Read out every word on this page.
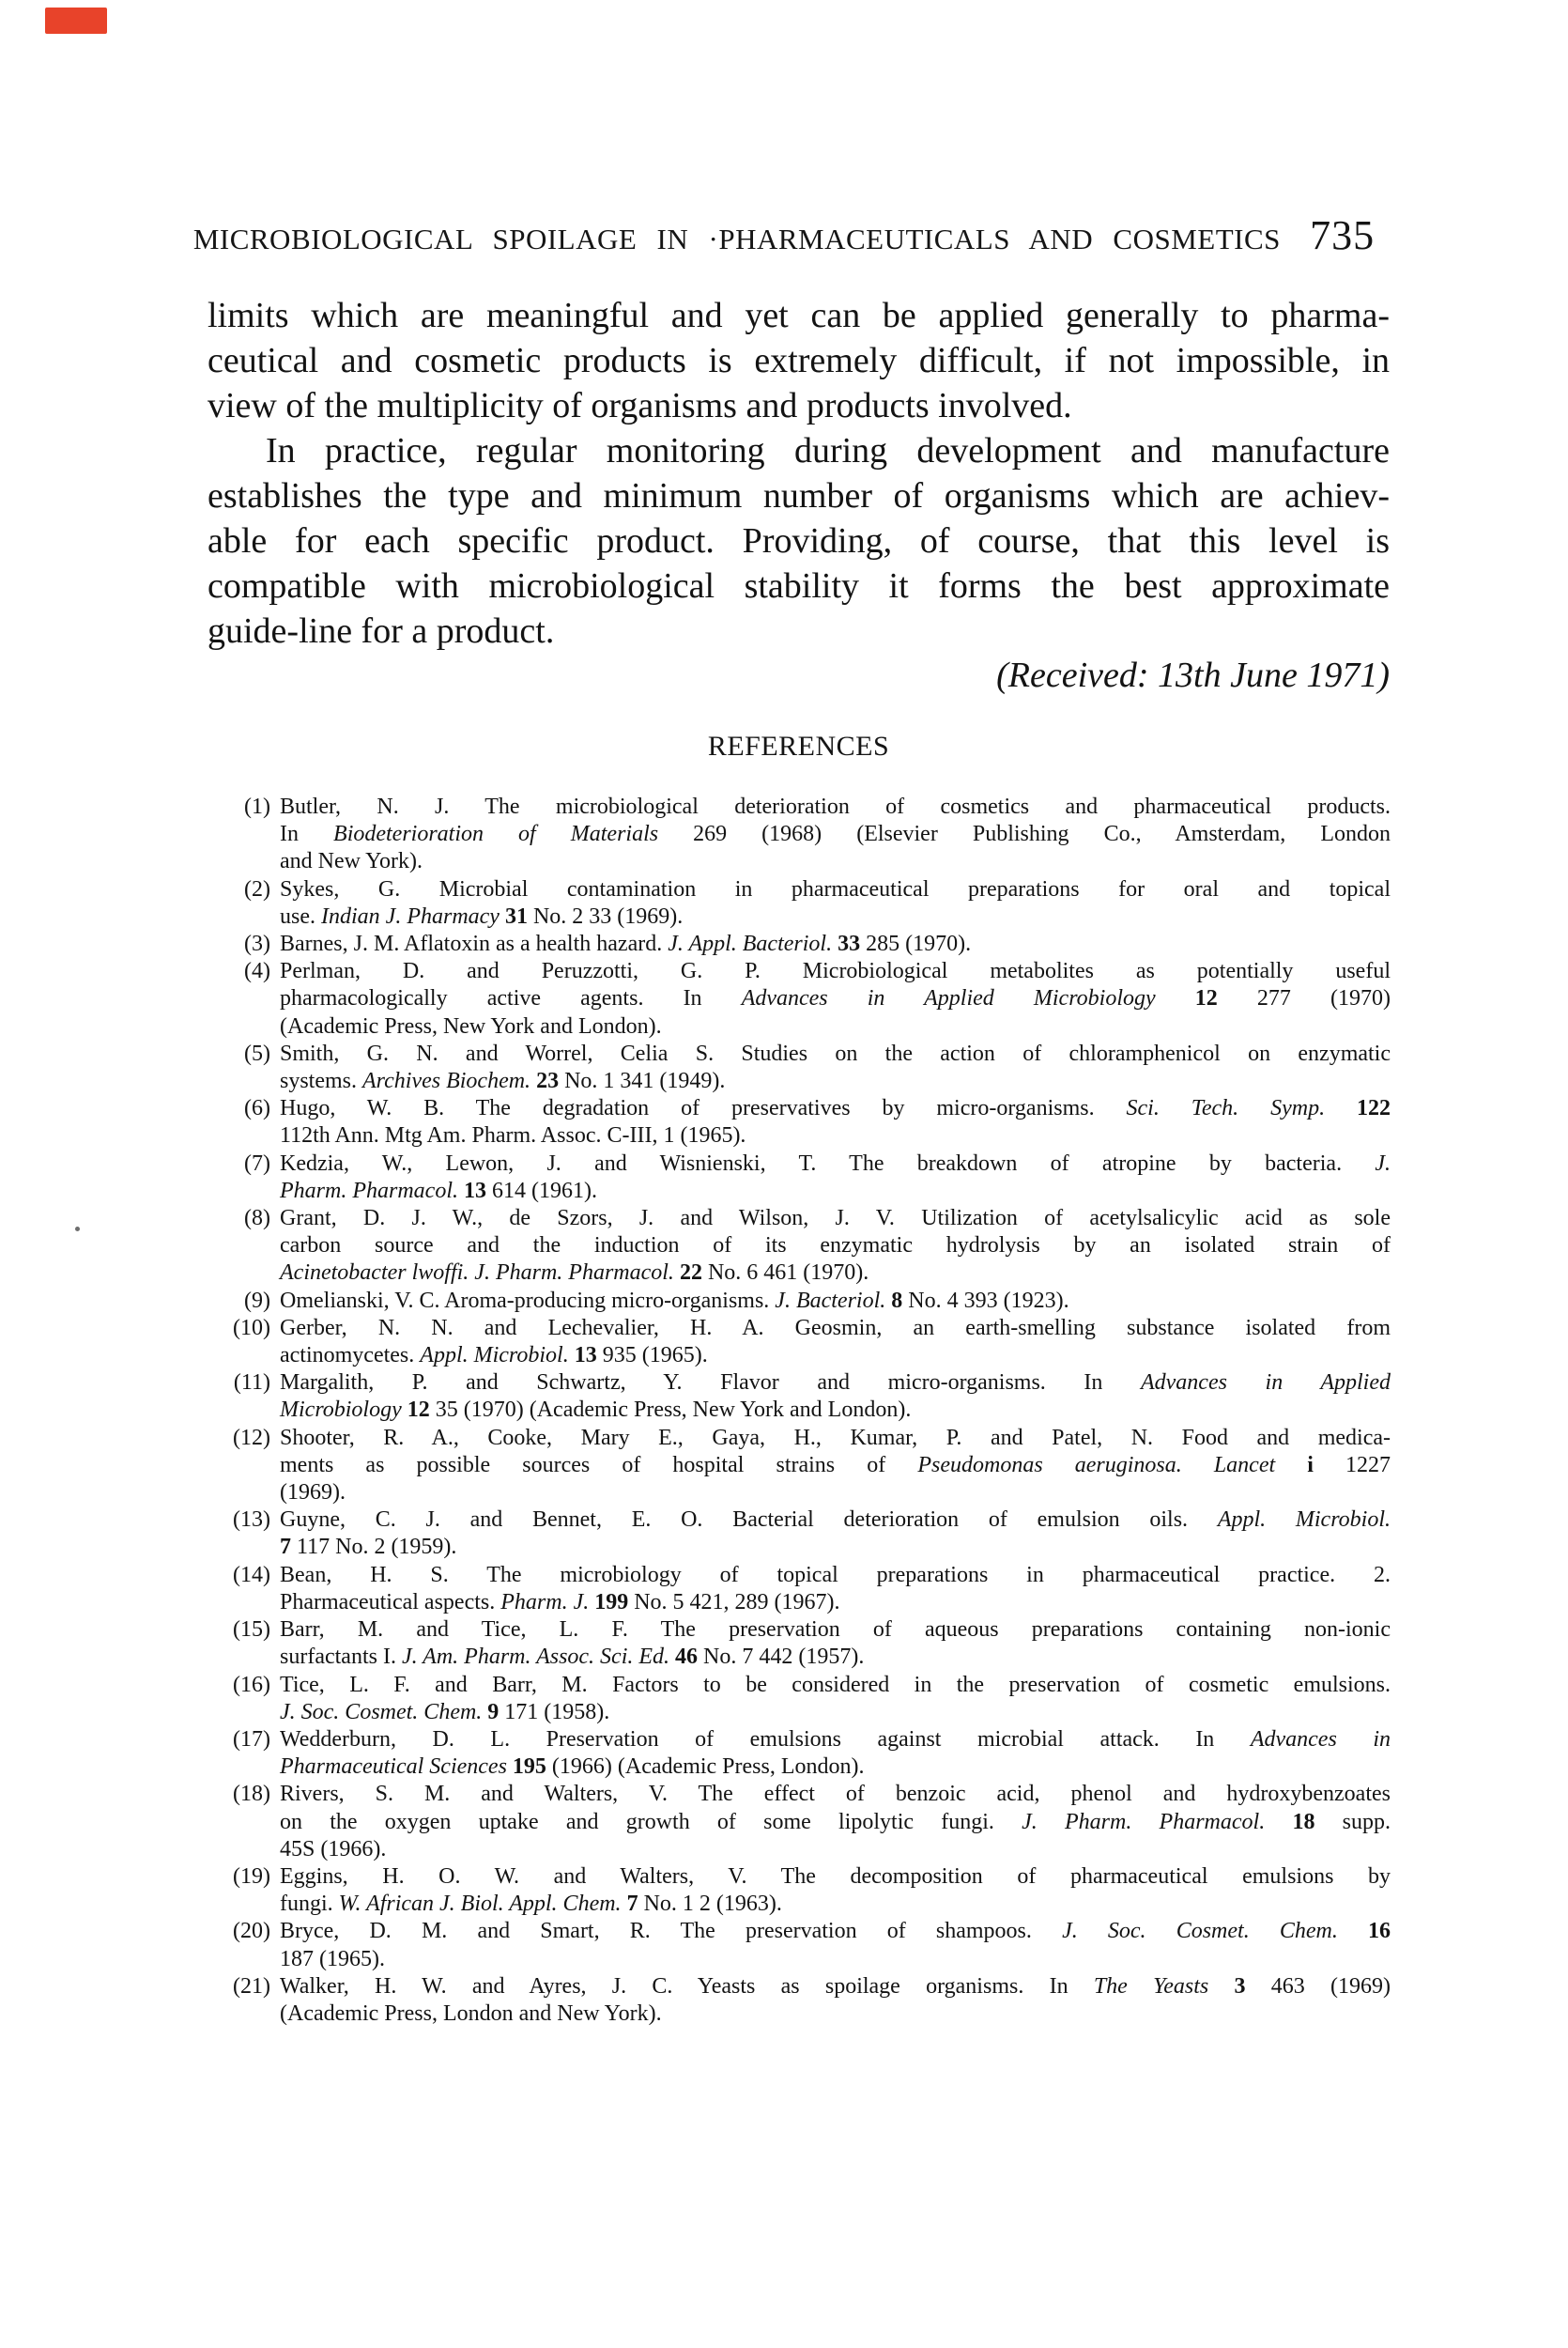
MICROBIOLOGICAL SPOILAGE IN ·PHARMACEUTICALS AND COSMETICS 735
limits which are meaningful and yet can be applied generally to pharma-
ceutical and cosmetic products is extremely difficult, if not impossible, in
view of the multiplicity of organisms and products involved.
In practice, regular monitoring during development and manufacture
establishes the type and minimum number of organisms which are achiev-
able for each specific product. Providing, of course, that this level is
compatible with microbiological stability it forms the best approximate
guide-line for a product.
(Received: 13th June 1971)
REFERENCES
(1) Butler, N. J. The microbiological deterioration of cosmetics and pharmaceutical products.
In Biodeterioration of Materials 269 (1968) (Elsevier Publishing Co., Amsterdam, London
and New York).
(2) Sykes, G. Microbial contamination in pharmaceutical preparations for oral and topical
use. Indian J. Pharmacy 31 No. 2 33 (1969).
(3) Barnes, J. M. Aflatoxin as a health hazard. J. Appl. Bacteriol. 33 285 (1970).
(4) Perlman, D. and Peruzzotti, G. P. Microbiological metabolites as potentially useful
pharmacologically active agents. In Advances in Applied Microbiology 12 277 (1970)
(Academic Press, New York and London).
(5) Smith, G. N. and Worrel, Celia S. Studies on the action of chloramphenicol on enzymatic
systems. Archives Biochem. 23 No. 1 341 (1949).
(6) Hugo, W. B. The degradation of preservatives by micro-organisms. Sci. Tech. Symp. 122
112th Ann. Mtg Am. Pharm. Assoc. C-III, 1 (1965).
(7) Kedzia, W., Lewon, J. and Wisnienski, T. The breakdown of atropine by bacteria. J.
Pharm. Pharmacol. 13 614 (1961).
(8) Grant, D. J. W., de Szors, J. and Wilson, J. V. Utilization of acetylsalicylic acid as sole
carbon source and the induction of its enzymatic hydrolysis by an isolated strain of
Acinetobacter lwoffi. J. Pharm. Pharmacol. 22 No. 6 461 (1970).
(9) Omelianski, V. C. Aroma-producing micro-organisms. J. Bacteriol. 8 No. 4 393 (1923).
(10) Gerber, N. N. and Lechevalier, H. A. Geosmin, an earth-smelling substance isolated from
actinomycetes. Appl. Microbiol. 13 935 (1965).
(11) Margalith, P. and Schwartz, Y. Flavor and micro-organisms. In Advances in Applied
Microbiology 12 35 (1970) (Academic Press, New York and London).
(12) Shooter, R. A., Cooke, Mary E., Gaya, H., Kumar, P. and Patel, N. Food and medica-
ments as possible sources of hospital strains of Pseudomonas aeruginosa. Lancet i 1227
(1969).
(13) Guyne, C. J. and Bennet, E. O. Bacterial deterioration of emulsion oils. Appl. Microbiol.
7 117 No. 2 (1959).
(14) Bean, H. S. The microbiology of topical preparations in pharmaceutical practice. 2.
Pharmaceutical aspects. Pharm. J. 199 No. 5 421, 289 (1967).
(15) Barr, M. and Tice, L. F. The preservation of aqueous preparations containing non-ionic
surfactants I. J. Am. Pharm. Assoc. Sci. Ed. 46 No. 7 442 (1957).
(16) Tice, L. F. and Barr, M. Factors to be considered in the preservation of cosmetic emulsions.
J. Soc. Cosmet. Chem. 9 171 (1958).
(17) Wedderburn, D. L. Preservation of emulsions against microbial attack. In Advances in
Pharmaceutical Sciences 195 (1966) (Academic Press, London).
(18) Rivers, S. M. and Walters, V. The effect of benzoic acid, phenol and hydroxybenzoates
on the oxygen uptake and growth of some lipolytic fungi. J. Pharm. Pharmacol. 18 supp.
45S (1966).
(19) Eggins, H. O. W. and Walters, V. The decomposition of pharmaceutical emulsions by
fungi. W. African J. Biol. Appl. Chem. 7 No. 1 2 (1963).
(20) Bryce, D. M. and Smart, R. The preservation of shampoos. J. Soc. Cosmet. Chem. 16
187 (1965).
(21) Walker, H. W. and Ayres, J. C. Yeasts as spoilage organisms. In The Yeasts 3 463 (1969)
(Academic Press, London and New York).
